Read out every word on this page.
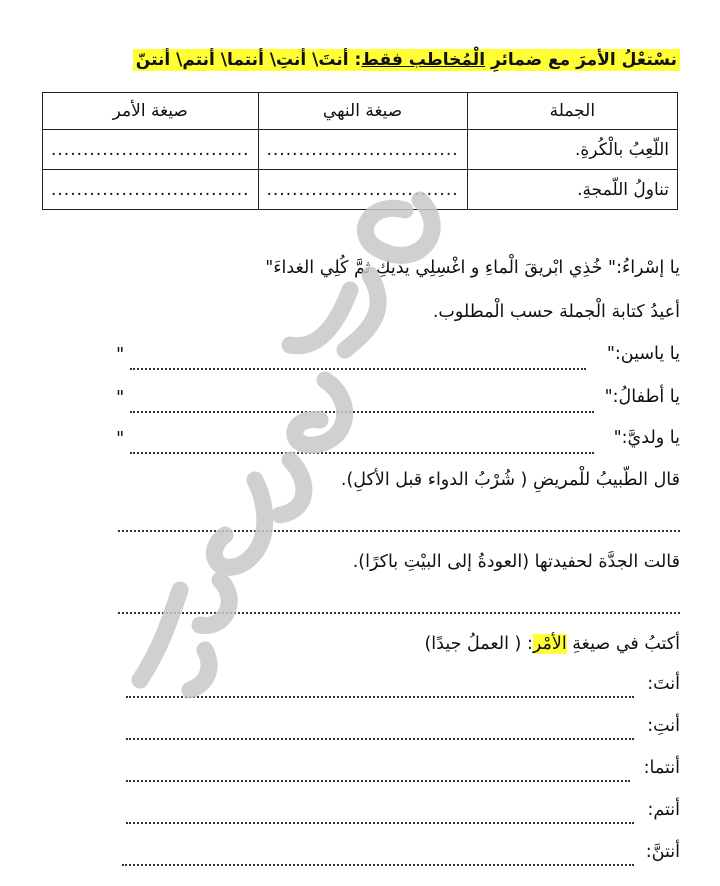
نسْتعْلُ الأمرَ مع ضمائرِ الْمُخاطب فقط: أنتَ\ أنتِ\ أنتما\ أنتم\ أنتنّ
الجملة	صيغة النهي	صيغة الأمر
اللّعِبُ بالْكُرةِ.	..............................	...............................
تناولُ اللّمجةِ.	..............................	...............................
يا إسْراءُ:" خُذِي ابْريقَ الْماءِ و اغْسِلِي يديكِ ثمَّ كُلِي الغداءَ"
أعيدُ كتابة الْجملة حسب الْمطلوب.
يا ياسين:"
"
يا أطفالُ:"
"
يا ولديَّ:"
"
قال الطّبيبُ للْمريضِ ( شُرْبُ الدواء قبل الأكلِ).
قالت الجدَّة لحفيدتها (العودةُ إلى البيْتِ باكرًا).
أكتبُ في صيغةِ الأمْر: ( العملُ جيدًا)
أنتَ:
أنتِ:
أنتما:
أنتم:
أنتنَّ:
